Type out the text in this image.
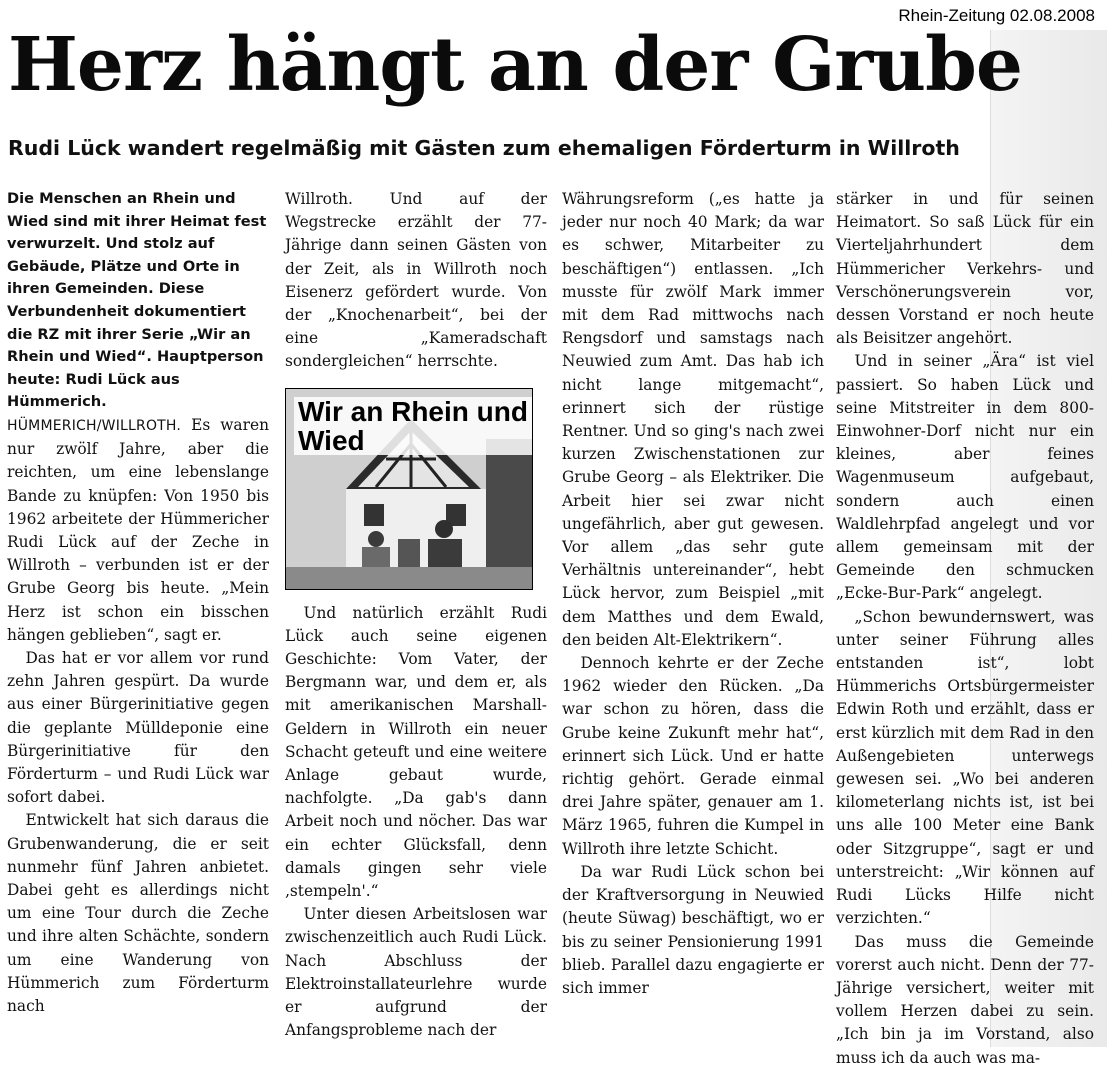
Rhein-Zeitung 02.08.2008
Herz hängt an der Grube
Rudi Lück wandert regelmäßig mit Gästen zum ehemaligen Förderturm in Willroth

Die Menschen an Rhein und Wied sind mit ihrer Heimat fest verwurzelt. Und stolz auf Gebäude, Plätze und Orte in ihren Gemeinden. Diese Verbundenheit dokumentiert die RZ mit ihrer Serie „Wir an Rhein und Wied“. Hauptperson heute: Rudi Lück aus Hümmerich.

HÜMMERICH/WILLROTH. Es waren nur zwölf Jahre, aber die reichten, um eine lebenslange Bande zu knüpfen: Von 1950 bis 1962 arbeitete der Hümmericher Rudi Lück auf der Zeche in Willroth – verbunden ist er der Grube Georg bis heute. „Mein Herz ist schon ein bisschen hängen geblieben“, sagt er.

Das hat er vor allem vor rund zehn Jahren gespürt. Da wurde aus einer Bürgerinitiative gegen die geplante Mülldeponie eine Bürgerinitiative für den Förderturm – und Rudi Lück war sofort dabei.

Entwickelt hat sich daraus die Grubenwanderung, die er seit nunmehr fünf Jahren anbietet. Dabei geht es allerdings nicht um eine Tour durch die Zeche und ihre alten Schächte, sondern um eine Wanderung von Hümmerich zum Förderturm nach

Willroth. Und auf der Wegstrecke erzählt der 77-Jährige dann seinen Gästen von der Zeit, als in Willroth noch Eisenerz gefördert wurde. Von der „Knochenarbeit“, bei der eine „Kameradschaft sondergleichen“ herrschte.

Wir an Rhein und Wied

Und natürlich erzählt Rudi Lück auch seine eigenen Geschichte: Vom Vater, der Bergmann war, und dem er, als mit amerikanischen Marshall-Geldern in Willroth ein neuer Schacht geteuft und eine weitere Anlage gebaut wurde, nachfolgte. „Da gab's dann Arbeit noch und nöcher. Das war ein echter Glücksfall, denn damals gingen sehr viele ‚stempeln'.“

Unter diesen Arbeitslosen war zwischenzeitlich auch Rudi Lück. Nach Abschluss der Elektroinstallateurlehre wurde er aufgrund der Anfangsprobleme nach der

Währungsreform („es hatte ja jeder nur noch 40 Mark; da war es schwer, Mitarbeiter zu beschäftigen“) entlassen. „Ich musste für zwölf Mark immer mit dem Rad mittwochs nach Rengsdorf und samstags nach Neuwied zum Amt. Das hab ich nicht lange mitgemacht“, erinnert sich der rüstige Rentner. Und so ging's nach zwei kurzen Zwischenstationen zur Grube Georg – als Elektriker. Die Arbeit hier sei zwar nicht ungefährlich, aber gut gewesen. Vor allem „das sehr gute Verhältnis untereinander“, hebt Lück hervor, zum Beispiel „mit dem Matthes und dem Ewald, den beiden Alt-Elektrikern“.

Dennoch kehrte er der Zeche 1962 wieder den Rücken. „Da war schon zu hören, dass die Grube keine Zukunft mehr hat“, erinnert sich Lück. Und er hatte richtig gehört. Gerade einmal drei Jahre später, genauer am 1. März 1965, fuhren die Kumpel in Willroth ihre letzte Schicht.

Da war Rudi Lück schon bei der Kraftversorgung in Neuwied (heute Süwag) beschäftigt, wo er bis zu seiner Pensionierung 1991 blieb. Parallel dazu engagierte er sich immer

stärker in und für seinen Heimatort. So saß Lück für ein Vierteljahrhundert dem Hümmericher Verkehrs- und Verschönerungsverein vor, dessen Vorstand er noch heute als Beisitzer angehört.

Und in seiner „Ära“ ist viel passiert. So haben Lück und seine Mitstreiter in dem 800-Einwohner-Dorf nicht nur ein kleines, aber feines Wagenmuseum aufgebaut, sondern auch einen Waldlehrpfad angelegt und vor allem gemeinsam mit der Gemeinde den schmucken „Ecke-Bur-Park“ angelegt.

„Schon bewundernswert, was unter seiner Führung alles entstanden ist“, lobt Hümmerichs Ortsbürgermeister Edwin Roth und erzählt, dass er erst kürzlich mit dem Rad in den Außengebieten unterwegs gewesen sei. „Wo bei anderen kilometerlang nichts ist, ist bei uns alle 100 Meter eine Bank oder Sitzgruppe“, sagt er und unterstreicht: „Wir können auf Rudi Lücks Hilfe nicht verzichten.“

Das muss die Gemeinde vorerst auch nicht. Denn der 77-Jährige versichert, weiter mit vollem Herzen dabei zu sein. „Ich bin ja im Vorstand, also muss ich da auch was ma-
